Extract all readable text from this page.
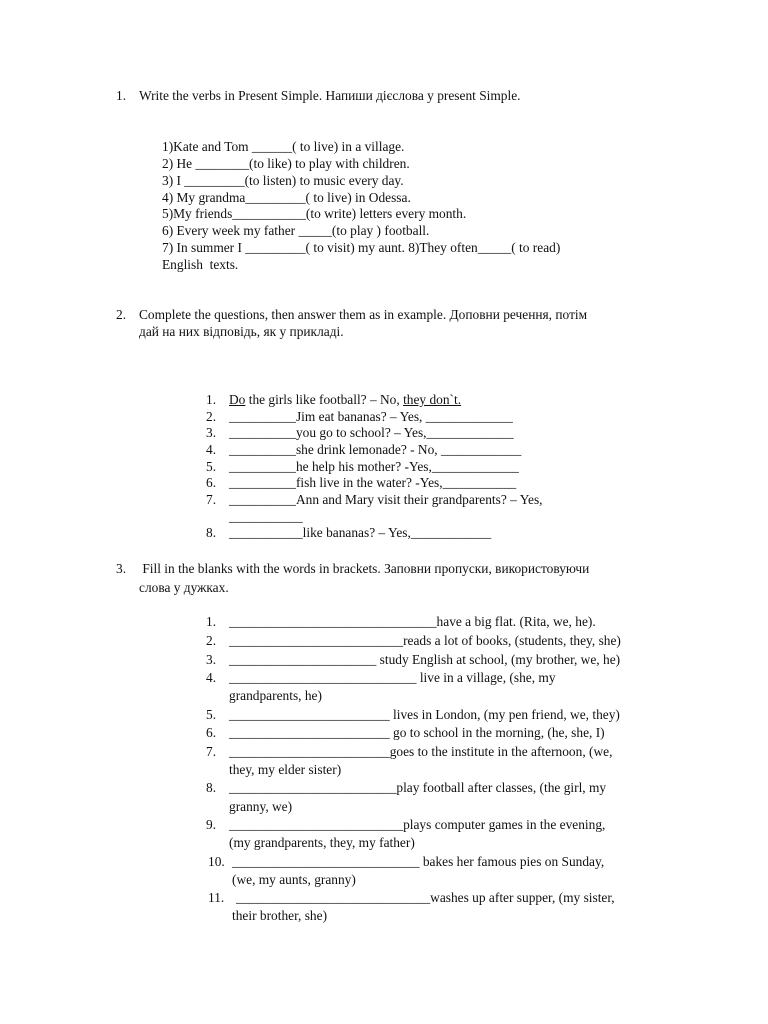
1. Write the verbs in Present Simple. Напиши дієслова у present Simple.
1)Kate and Tom ______( to live) in a village.
2) He ________(to like) to play with children.
3) I _________(to listen) to music every day.
4) My grandma_________( to live) in Odessa.
5)My friends___________(to write) letters every month.
6) Every week my father _____(to play ) football.
7) In summer I _________( to visit) my aunt. 8)They often_____( to read)
English  texts.
2. Complete the questions, then answer them as in example. Доповни речення, потім
дай на них відповідь, як у прикладі.
1. Do the girls like football? – No, they don`t.
2. __________Jim eat bananas? – Yes, _____________
3. __________you go to school? – Yes,_____________
4. __________she drink lemonade? - No, ____________
5. __________he help his mother? -Yes,_____________
6. __________fish live in the water? -Yes,___________
7. __________Ann and Mary visit their grandparents? – Yes,
___________
8. ___________like bananas? – Yes,____________
3. Fill in the blanks with the words in brackets. Заповни пропуски, використовуючи
слова у дужках.
1. _______________________________have a big flat. (Rita, we, he).
2. __________________________reads a lot of books, (students, they, she)
3. ______________________ study English at school, (my brother, we, he)
4. ____________________________ live in a village, (she, my
grandparents, he)
5. ________________________ lives in London, (my pen friend, we, they)
6. ________________________ go to school in the morning, (he, she, I)
7. ________________________goes to the institute in the afternoon, (we,
they, my elder sister)
8. _________________________play football after classes, (the girl, my
granny, we)
9. __________________________plays computer games in the evening,
(my grandparents, they, my father)
10. ____________________________ bakes her famous pies on Sunday,
(we, my aunts, granny)
11. _____________________________washes up after supper, (my sister,
their brother, she)
